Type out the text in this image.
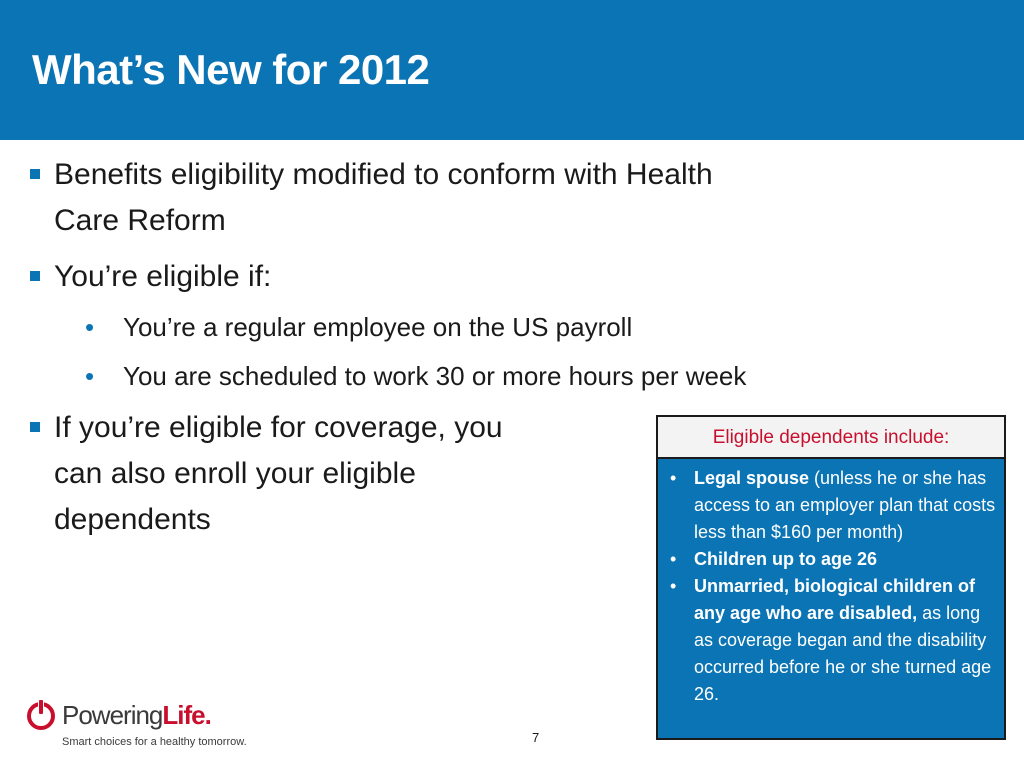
What’s New for 2012
Benefits eligibility modified to conform with Health
Care Reform
You’re eligible if:
• You’re a regular employee on the US payroll
• You are scheduled to work 30 or more hours per week
If you’re eligible for coverage, you
can also enroll your eligible
dependents
Eligible dependents include:
• Legal spouse (unless he or she has access to an employer plan that costs less than $160 per month)
• Children up to age 26
• Unmarried, biological children of any age who are disabled, as long as coverage began and the disability occurred before he or she turned age 26.
PoweringLife.
Smart choices for a healthy tomorrow.	7
